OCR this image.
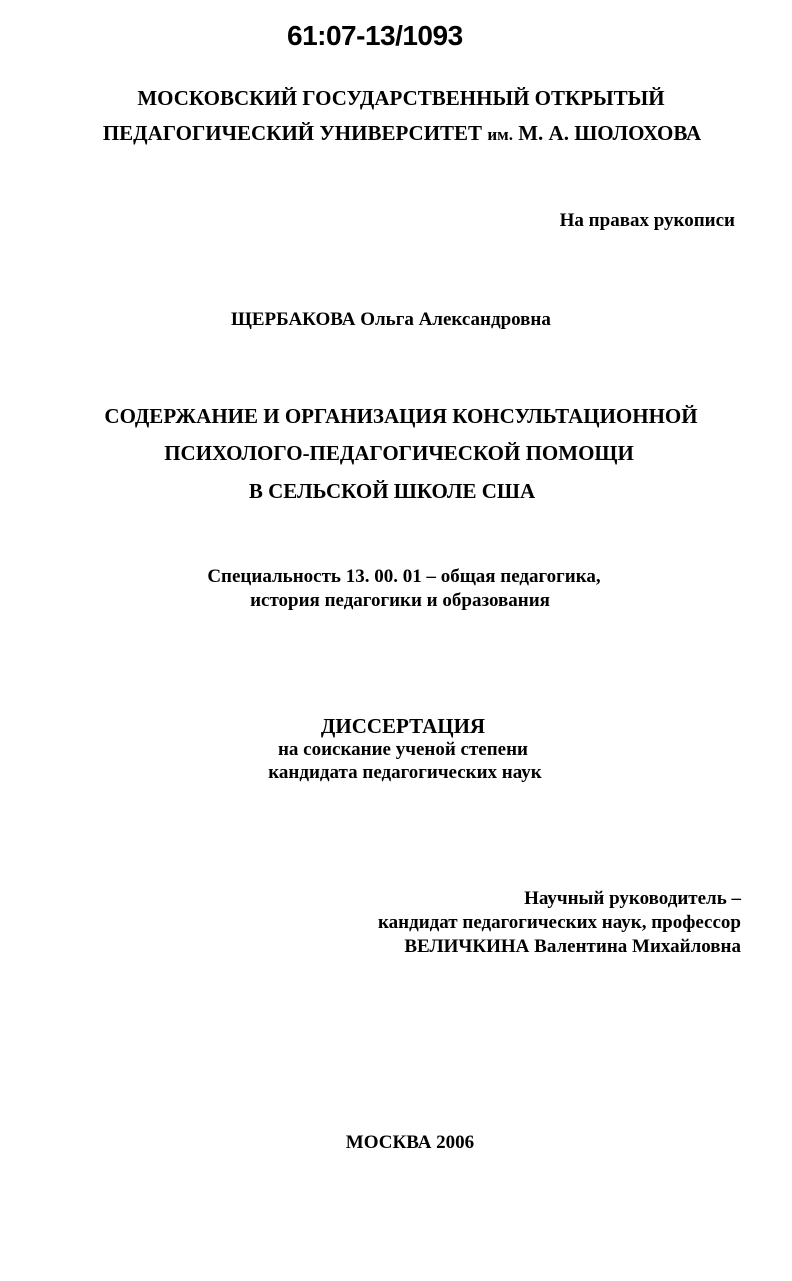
61:07-13/1093
МОСКОВСКИЙ ГОСУДАРСТВЕННЫЙ ОТКРЫТЫЙ
ПЕДАГОГИЧЕСКИЙ УНИВЕРСИТЕТ им. М. А. ШОЛОХОВА
На правах рукописи
ЩЕРБАКОВА Ольга Александровна
СОДЕРЖАНИЕ И ОРГАНИЗАЦИЯ КОНСУЛЬТАЦИОННОЙ
ПСИХОЛОГО-ПЕДАГОГИЧЕСКОЙ ПОМОЩИ
В СЕЛЬСКОЙ ШКОЛЕ США
Специальность 13. 00. 01 – общая педагогика,
история педагогики и образования
ДИССЕРТАЦИЯ
на соискание ученой степени
кандидата педагогических наук
Научный руководитель –
кандидат педагогических наук, профессор
ВЕЛИЧКИНА Валентина Михайловна
МОСКВА 2006
